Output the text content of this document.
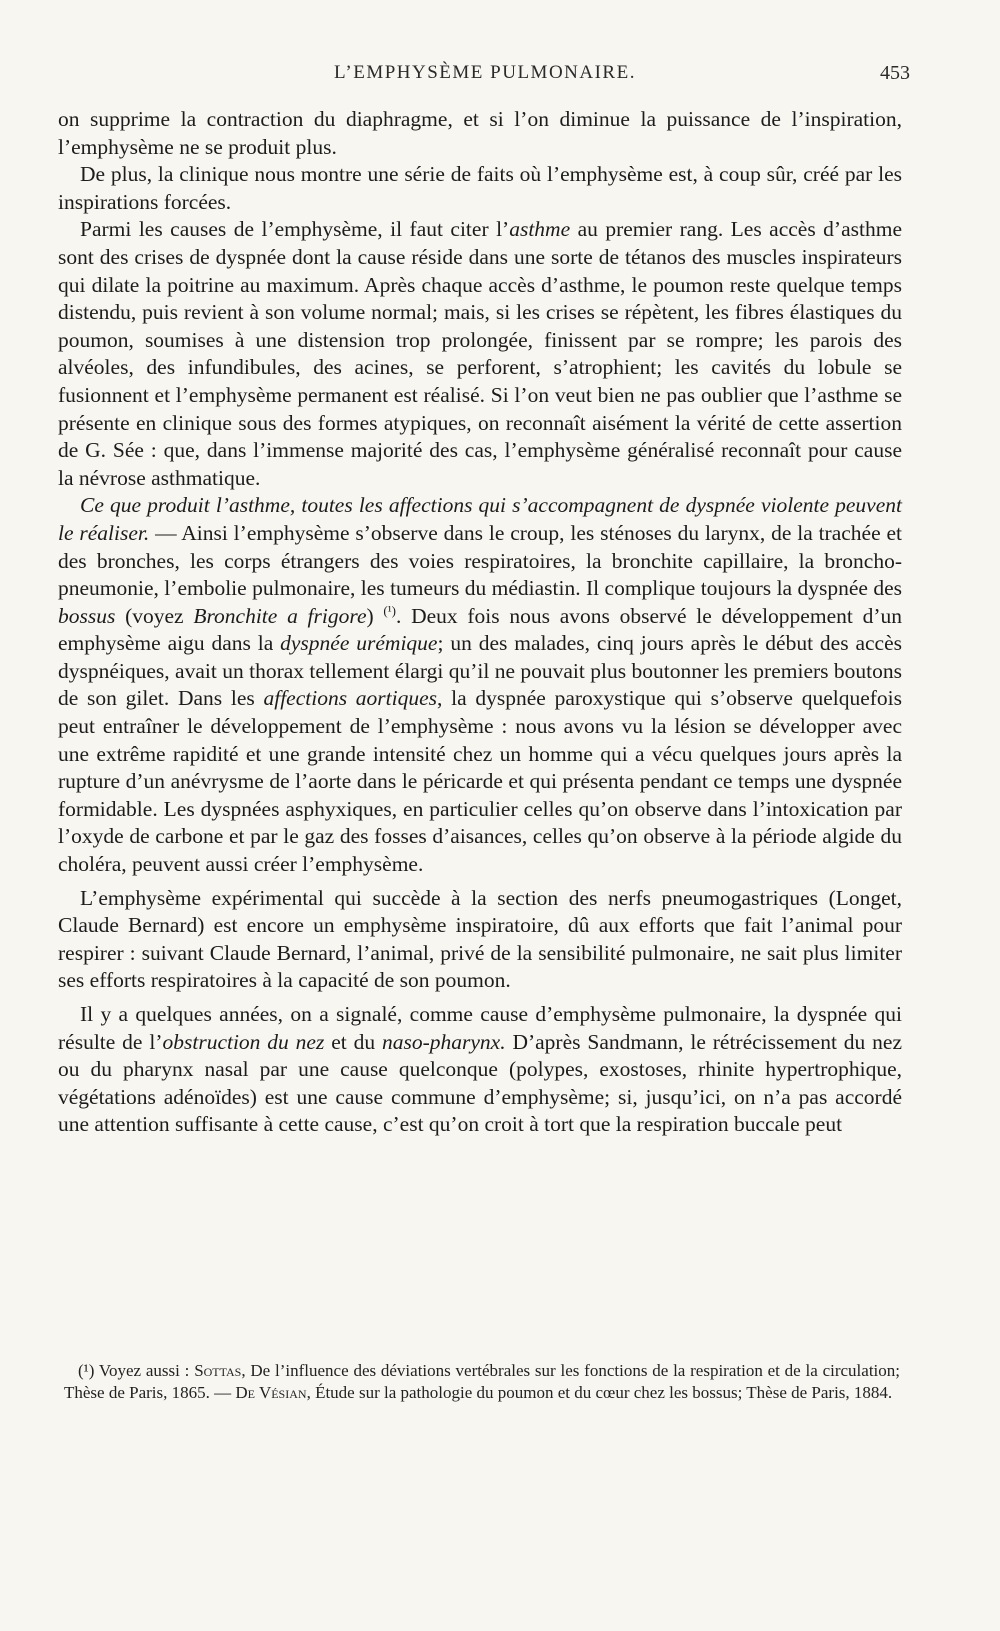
L’EMPHYSÈME PULMONAIRE.	453

on supprime la contraction du diaphragme, et si l’on diminue la puissance de l’inspiration, l’emphysème ne se produit plus.

De plus, la clinique nous montre une série de faits où l’emphysème est, à coup sûr, créé par les inspirations forcées.

Parmi les causes de l’emphysème, il faut citer l’asthme au premier rang. Les accès d’asthme sont des crises de dyspnée dont la cause réside dans une sorte de tétanos des muscles inspirateurs qui dilate la poitrine au maximum. Après chaque accès d’asthme, le poumon reste quelque temps distendu, puis revient à son volume normal; mais, si les crises se répètent, les fibres élastiques du poumon, soumises à une distension trop prolongée, finissent par se rompre; les parois des alvéoles, des infundibules, des acines, se perforent, s’atrophient; les cavités du lobule se fusionnent et l’emphysème permanent est réalisé. Si l’on veut bien ne pas oublier que l’asthme se présente en clinique sous des formes atypiques, on reconnaît aisément la vérité de cette assertion de G. Sée : que, dans l’immense majorité des cas, l’emphysème généralisé reconnaît pour cause la névrose asthmatique.

Ce que produit l’asthme, toutes les affections qui s’accompagnent de dyspnée violente peuvent le réaliser. — Ainsi l’emphysème s’observe dans le croup, les sténoses du larynx, de la trachée et des bronches, les corps étrangers des voies respiratoires, la bronchite capillaire, la broncho-pneumonie, l’embolie pulmonaire, les tumeurs du médiastin. Il complique toujours la dyspnée des bossus (voyez Bronchite a frigore) $^{(^1)}$. Deux fois nous avons observé le développement d’un emphysème aigu dans la dyspnée urémique; un des malades, cinq jours après le début des accès dyspnéiques, avait un thorax tellement élargi qu’il ne pouvait plus boutonner les premiers boutons de son gilet. Dans les affections aortiques, la dyspnée paroxystique qui s’observe quelquefois peut entraîner le développement de l’emphysème : nous avons vu la lésion se développer avec une extrême rapidité et une grande intensité chez un homme qui a vécu quelques jours après la rupture d’un anévrysme de l’aorte dans le péricarde et qui présenta pendant ce temps une dyspnée formidable. Les dyspnées asphyxiques, en particulier celles qu’on observe dans l’intoxication par l’oxyde de carbone et par le gaz des fosses d’aisances, celles qu’on observe à la période algide du choléra, peuvent aussi créer l’emphysème.

L’emphysème expérimental qui succède à la section des nerfs pneumogastriques (Longet, Claude Bernard) est encore un emphysème inspiratoire, dû aux efforts que fait l’animal pour respirer : suivant Claude Bernard, l’animal, privé de la sensibilité pulmonaire, ne sait plus limiter ses efforts respiratoires à la capacité de son poumon.

Il y a quelques années, on a signalé, comme cause d’emphysème pulmonaire, la dyspnée qui résulte de l’obstruction du nez et du naso-pharynx. D’après Sandmann, le rétrécissement du nez ou du pharynx nasal par une cause quelconque (polypes, exostoses, rhinite hypertrophique, végétations adénoïdes) est une cause commune d’emphysème; si, jusqu’ici, on n’a pas accordé une attention suffisante à cette cause, c’est qu’on croit à tort que la respiration buccale peut

(¹) Voyez aussi : Sottas, De l’influence des déviations vertébrales sur les fonctions de la respiration et de la circulation; Thèse de Paris, 1865. — De Vésian, Étude sur la pathologie du poumon et du cœur chez les bossus; Thèse de Paris, 1884.
